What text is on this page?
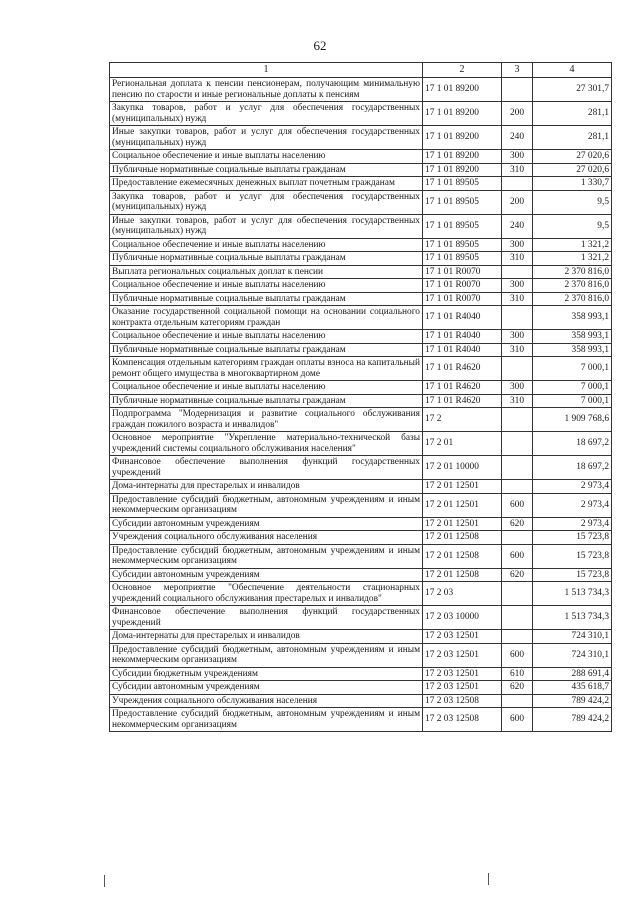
62
1	2	3	4
Региональная доплата к пенсии пенсионерам, получающим минимальную пенсию по старости и иные региональные доплаты к пенсиям	17 1 01 89200		27 301,7
Закупка товаров, работ и услуг для обеспечения государственных (муниципальных) нужд	17 1 01 89200	200	281,1
Иные закупки товаров, работ и услуг для обеспечения государственных (муниципальных) нужд	17 1 01 89200	240	281,1
Социальное обеспечение и иные выплаты населению	17 1 01 89200	300	27 020,6
Публичные нормативные социальные выплаты гражданам	17 1 01 89200	310	27 020,6
Предоставление ежемесячных денежных выплат почетным гражданам	17 1 01 89505		1 330,7
Закупка товаров, работ и услуг для обеспечения государственных (муниципальных) нужд	17 1 01 89505	200	9,5
Иные закупки товаров, работ и услуг для обеспечения государственных (муниципальных) нужд	17 1 01 89505	240	9,5
Социальное обеспечение и иные выплаты населению	17 1 01 89505	300	1 321,2
Публичные нормативные социальные выплаты гражданам	17 1 01 89505	310	1 321,2
Выплата региональных социальных доплат к пенсии	17 1 01 R0070		2 370 816,0
Социальное обеспечение и иные выплаты населению	17 1 01 R0070	300	2 370 816,0
Публичные нормативные социальные выплаты гражданам	17 1 01 R0070	310	2 370 816,0
Оказание государственной социальной помощи на основании социального контракта отдельным категориям граждан	17 1 01 R4040		358 993,1
Социальное обеспечение и иные выплаты населению	17 1 01 R4040	300	358 993,1
Публичные нормативные социальные выплаты гражданам	17 1 01 R4040	310	358 993,1
Компенсация отдельным категориям граждан оплаты взноса на капитальный ремонт общего имущества в многоквартирном доме	17 1 01 R4620		7 000,1
Социальное обеспечение и иные выплаты населению	17 1 01 R4620	300	7 000,1
Публичные нормативные социальные выплаты гражданам	17 1 01 R4620	310	7 000,1
Подпрограмма "Модернизация и развитие социального обслуживания граждан пожилого возраста и инвалидов"	17 2		1 909 768,6
Основное мероприятие "Укрепление материально-технической базы учреждений системы социального обслуживания населения"	17 2 01		18 697,2
Финансовое обеспечение выполнения функций государственных учреждений	17 2 01 10000		18 697,2
Дома-интернаты для престарелых и инвалидов	17 2 01 12501		2 973,4
Предоставление субсидий бюджетным, автономным учреждениям и иным некоммерческим организациям	17 2 01 12501	600	2 973,4
Субсидии автономным учреждениям	17 2 01 12501	620	2 973,4
Учреждения социального обслуживания населения	17 2 01 12508		15 723,8
Предоставление субсидий бюджетным, автономным учреждениям и иным некоммерческим организациям	17 2 01 12508	600	15 723,8
Субсидии автономным учреждениям	17 2 01 12508	620	15 723,8
Основное мероприятие "Обеспечение деятельности стационарных учреждений социального обслуживания престарелых и инвалидов"	17 2 03		1 513 734,3
Финансовое обеспечение выполнения функций государственных учреждений	17 2 03 10000		1 513 734,3
Дома-интернаты для престарелых и инвалидов	17 2 03 12501		724 310,1
Предоставление субсидий бюджетным, автономным учреждениям и иным некоммерческим организациям	17 2 03 12501	600	724 310,1
Субсидии бюджетным учреждениям	17 2 03 12501	610	288 691,4
Субсидии автономным учреждениям	17 2 03 12501	620	435 618,7
Учреждения социального обслуживания населения	17 2 03 12508		789 424,2
Предоставление субсидий бюджетным, автономным учреждениям и иным некоммерческим организациям	17 2 03 12508	600	789 424,2
